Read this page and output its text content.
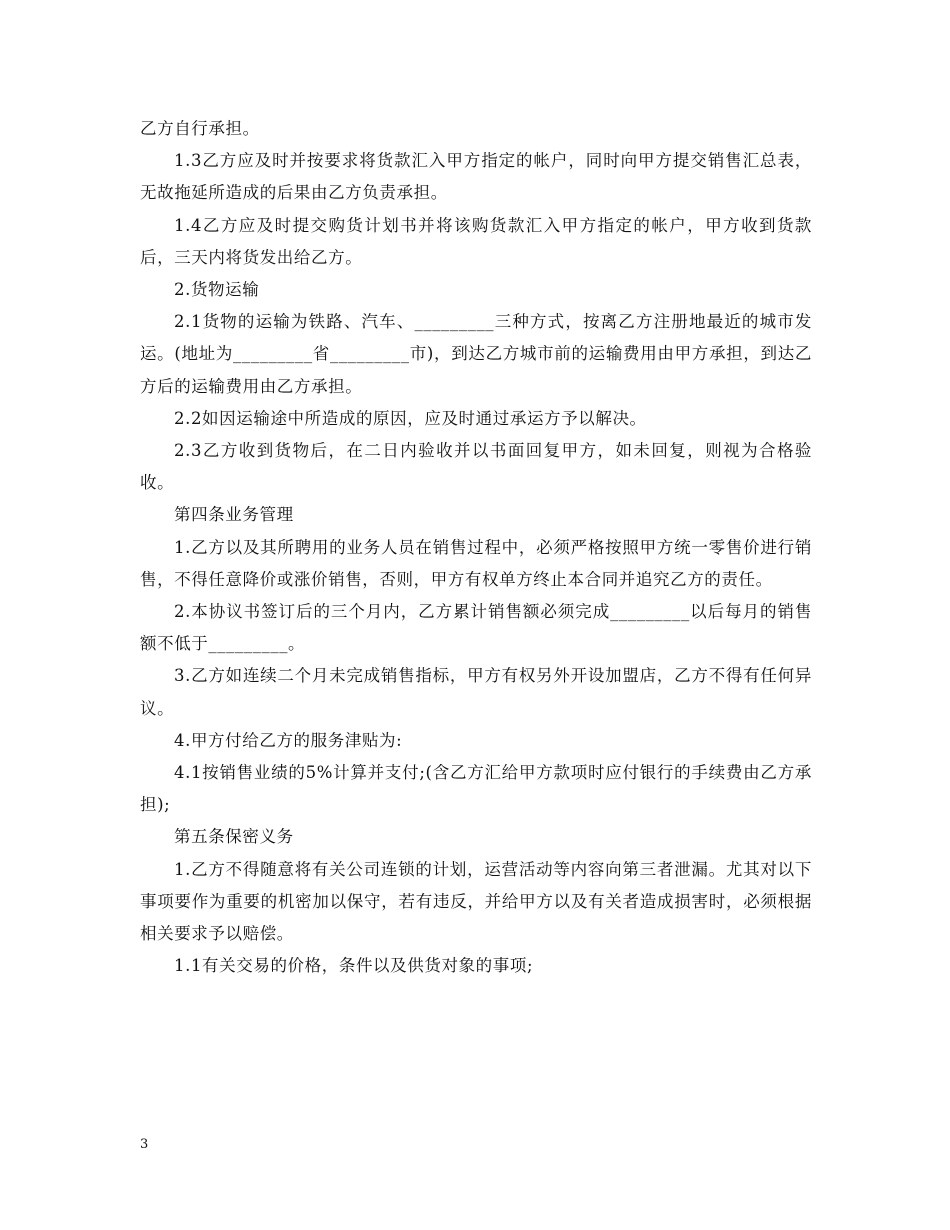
乙方自行承担。

1.3乙方应及时并按要求将货款汇入甲方指定的帐户，同时向甲方提交销售汇总表，无故拖延所造成的后果由乙方负责承担。

1.4乙方应及时提交购货计划书并将该购货款汇入甲方指定的帐户，甲方收到货款后，三天内将货发出给乙方。

2.货物运输

2.1货物的运输为铁路、汽车、_________三种方式，按离乙方注册地最近的城市发运。(地址为_________省_________市)，到达乙方城市前的运输费用由甲方承担，到达乙方后的运输费用由乙方承担。

2.2如因运输途中所造成的原因，应及时通过承运方予以解决。

2.3乙方收到货物后，在二日内验收并以书面回复甲方，如未回复，则视为合格验收。

第四条业务管理

1.乙方以及其所聘用的业务人员在销售过程中，必须严格按照甲方统一零售价进行销售，不得任意降价或涨价销售，否则，甲方有权单方终止本合同并追究乙方的责任。

2.本协议书签订后的三个月内，乙方累计销售额必须完成_________以后每月的销售额不低于_________。

3.乙方如连续二个月未完成销售指标，甲方有权另外开设加盟店，乙方不得有任何异议。

4.甲方付给乙方的服务津贴为:

4.1按销售业绩的5%计算并支付;(含乙方汇给甲方款项时应付银行的手续费由乙方承担);

第五条保密义务

1.乙方不得随意将有关公司连锁的计划，运营活动等内容向第三者泄漏。尤其对以下事项要作为重要的机密加以保守，若有违反，并给甲方以及有关者造成损害时，必须根据相关要求予以赔偿。

1.1有关交易的价格，条件以及供货对象的事项;

3
